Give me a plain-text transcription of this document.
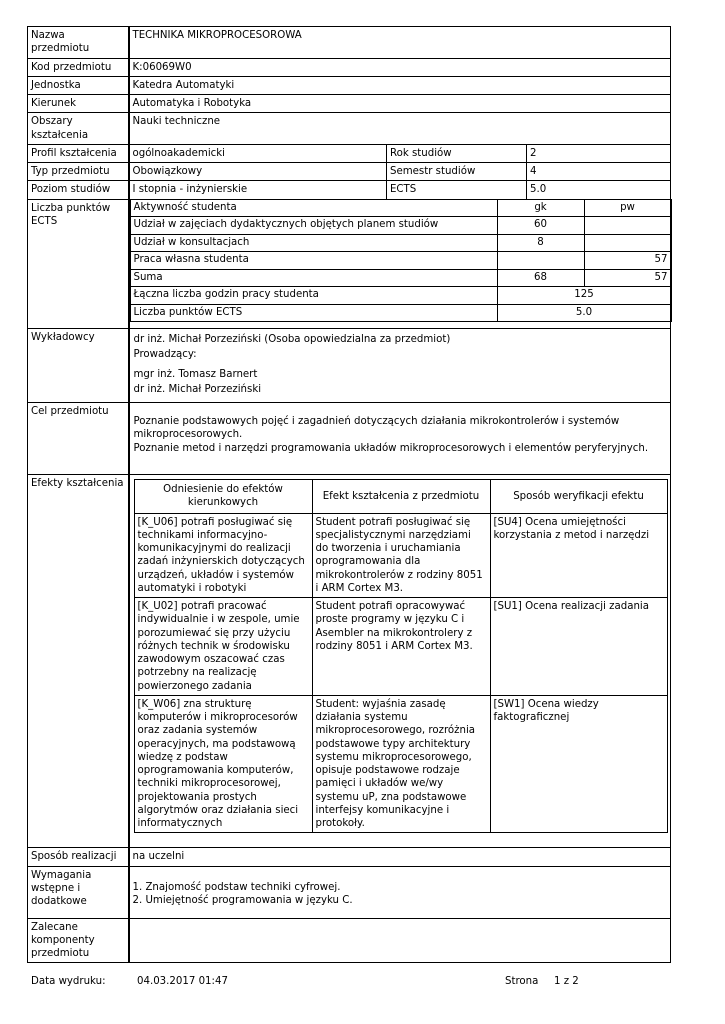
Nazwa przedmiotu	TECHNIKA MIKROPROCESOROWA
Kod przedmiotu	K:06069W0
Jednostka	Katedra Automatyki
Kierunek	Automatyka i Robotyka
Obszary kształcenia	Nauki techniczne
Profil kształcenia	ogólnoakademicki	Rok studiów	2
Typ przedmiotu	Obowiązkowy	Semestr studiów	4
Poziom studiów	I stopnia - inżynierskie	ECTS	5.0
Liczba punktów ECTS	
Aktywność studenta	gk	pw
Udział w zajęciach dydaktycznych objętych planem studiów	60	
Udział w konsultacjach	8	
Praca własna studenta		57
Suma	68	57
Łączna liczba godzin pracy studenta	125
Liczba punktów ECTS	5.0

Wykładowcy	dr inż. Michał Porzeziński (Osoba opowiedzialna za przedmiot)
Prowadzący:
mgr inż. Tomasz Barnert
dr inż. Michał Porzeziński

Cel przedmiotu	
Poznanie podstawowych pojęć i zagadnień dotyczących działania mikrokontrolerów i systemów mikroprocesorowych.
Poznanie metod i narzędzi programowania układów mikroprocesorowych i elementów peryferyjnych.

Efekty kształcenia	
Odniesienie do efektów kierunkowych	Efekt kształcenia z przedmiotu	Sposób weryfikacji efektu
[K_U06] potrafi posługiwać się technikami informacyjno-komunikacyjnymi do realizacji zadań inżynierskich dotyczących urządzeń, układów i systemów automatyki i robotyki	Student potrafi posługiwać się specjalistycznymi narzędziami do tworzenia i uruchamiania oprogramowania dla mikrokontrolerów z rodziny 8051 i ARM Cortex M3.	[SU4] Ocena umiejętności korzystania z metod i narzędzi
[K_U02] potrafi pracować indywidualnie i w zespole, umie porozumiewać się przy użyciu różnych technik w środowisku zawodowym oszacować czas potrzebny na realizację powierzonego zadania	Student potrafi opracowywać proste programy w języku C i Asembler na mikrokontrolery z rodziny 8051 i ARM Cortex M3.	[SU1] Ocena realizacji zadania
[K_W06] zna strukturę komputerów i mikroprocesorów oraz zadania systemów operacyjnych, ma podstawową wiedzę z podstaw oprogramowania komputerów, techniki mikroprocesorowej, projektowania prostych algorytmów oraz działania sieci informatycznych	Student: wyjaśnia zasadę działania systemu mikroprocesorowego, rozróżnia podstawowe typy architektury systemu mikroprocesorowego, opisuje podstawowe rodzaje pamięci i układów we/wy systemu uP, zna podstawowe interfejsy komunikacyjne i protokoły.	[SW1] Ocena wiedzy faktograficznej

Sposób realizacji	na uczelni
Wymagania wstępne i dodatkowe	
1. Znajomość podstaw techniki cyfrowej.
2. Umiejętność programowania w języku C.

Zalecane komponenty przedmiotu	
Data wydruku:	04.03.2017 01:47	Strona 1 z 2
